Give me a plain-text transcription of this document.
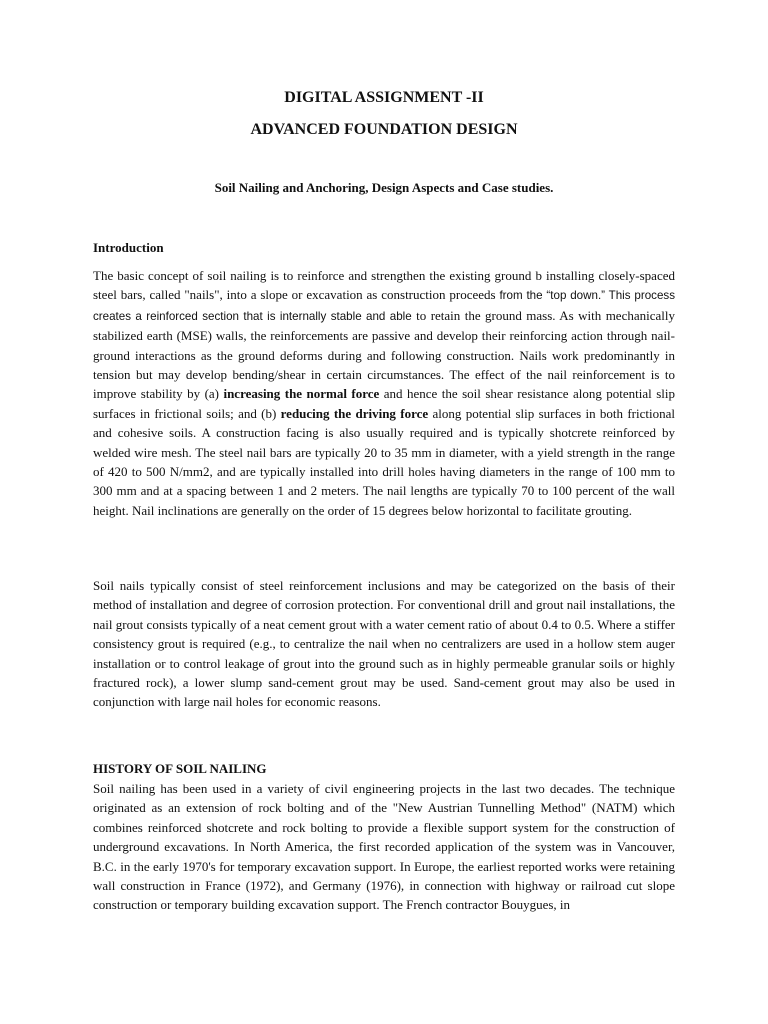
DIGITAL ASSIGNMENT -II
ADVANCED FOUNDATION DESIGN

Soil Nailing and Anchoring, Design Aspects and Case studies.

Introduction

The basic concept of soil nailing is to reinforce and strengthen the existing ground b installing closely-spaced steel bars, called "nails", into a slope or excavation as construction proceeds from the “top down.” This process creates a reinforced section that is internally stable and able to retain the ground mass. As with mechanically stabilized earth (MSE) walls, the reinforcements are passive and develop their reinforcing action through nail-ground interactions as the ground deforms during and following construction. Nails work predominantly in tension but may develop bending/shear in certain circumstances. The effect of the nail reinforcement is to improve stability by (a) increasing the normal force and hence the soil shear resistance along potential slip surfaces in frictional soils; and (b) reducing the driving force along potential slip surfaces in both frictional and cohesive soils. A construction facing is also usually required and is typically shotcrete reinforced by welded wire mesh. The steel nail bars are typically 20 to 35 mm in diameter, with a yield strength in the range of 420 to 500 N/mm2, and are typically installed into drill holes having diameters in the range of 100 mm to 300 mm and at a spacing between 1 and 2 meters. The nail lengths are typically 70 to 100 percent of the wall height. Nail inclinations are generally on the order of 15 degrees below horizontal to facilitate grouting.

Soil nails typically consist of steel reinforcement inclusions and may be categorized on the basis of their method of installation and degree of corrosion protection. For conventional drill and grout nail installations, the nail grout consists typically of a neat cement grout with a water cement ratio of about 0.4 to 0.5. Where a stiffer consistency grout is required (e.g., to centralize the nail when no centralizers are used in a hollow stem auger installation or to control leakage of grout into the ground such as in highly permeable granular soils or highly fractured rock), a lower slump sand-cement grout may be used. Sand-cement grout may also be used in conjunction with large nail holes for economic reasons.

HISTORY OF SOIL NAILING

Soil nailing has been used in a variety of civil engineering projects in the last two decades. The technique originated as an extension of rock bolting and of the "New Austrian Tunnelling Method" (NATM) which combines reinforced shotcrete and rock bolting to provide a flexible support system for the construction of underground excavations. In North America, the first recorded application of the system was in Vancouver, B.C. in the early 1970's for temporary excavation support. In Europe, the earliest reported works were retaining wall construction in France (1972), and Germany (1976), in connection with highway or railroad cut slope construction or temporary building excavation support. The French contractor Bouygues, in
